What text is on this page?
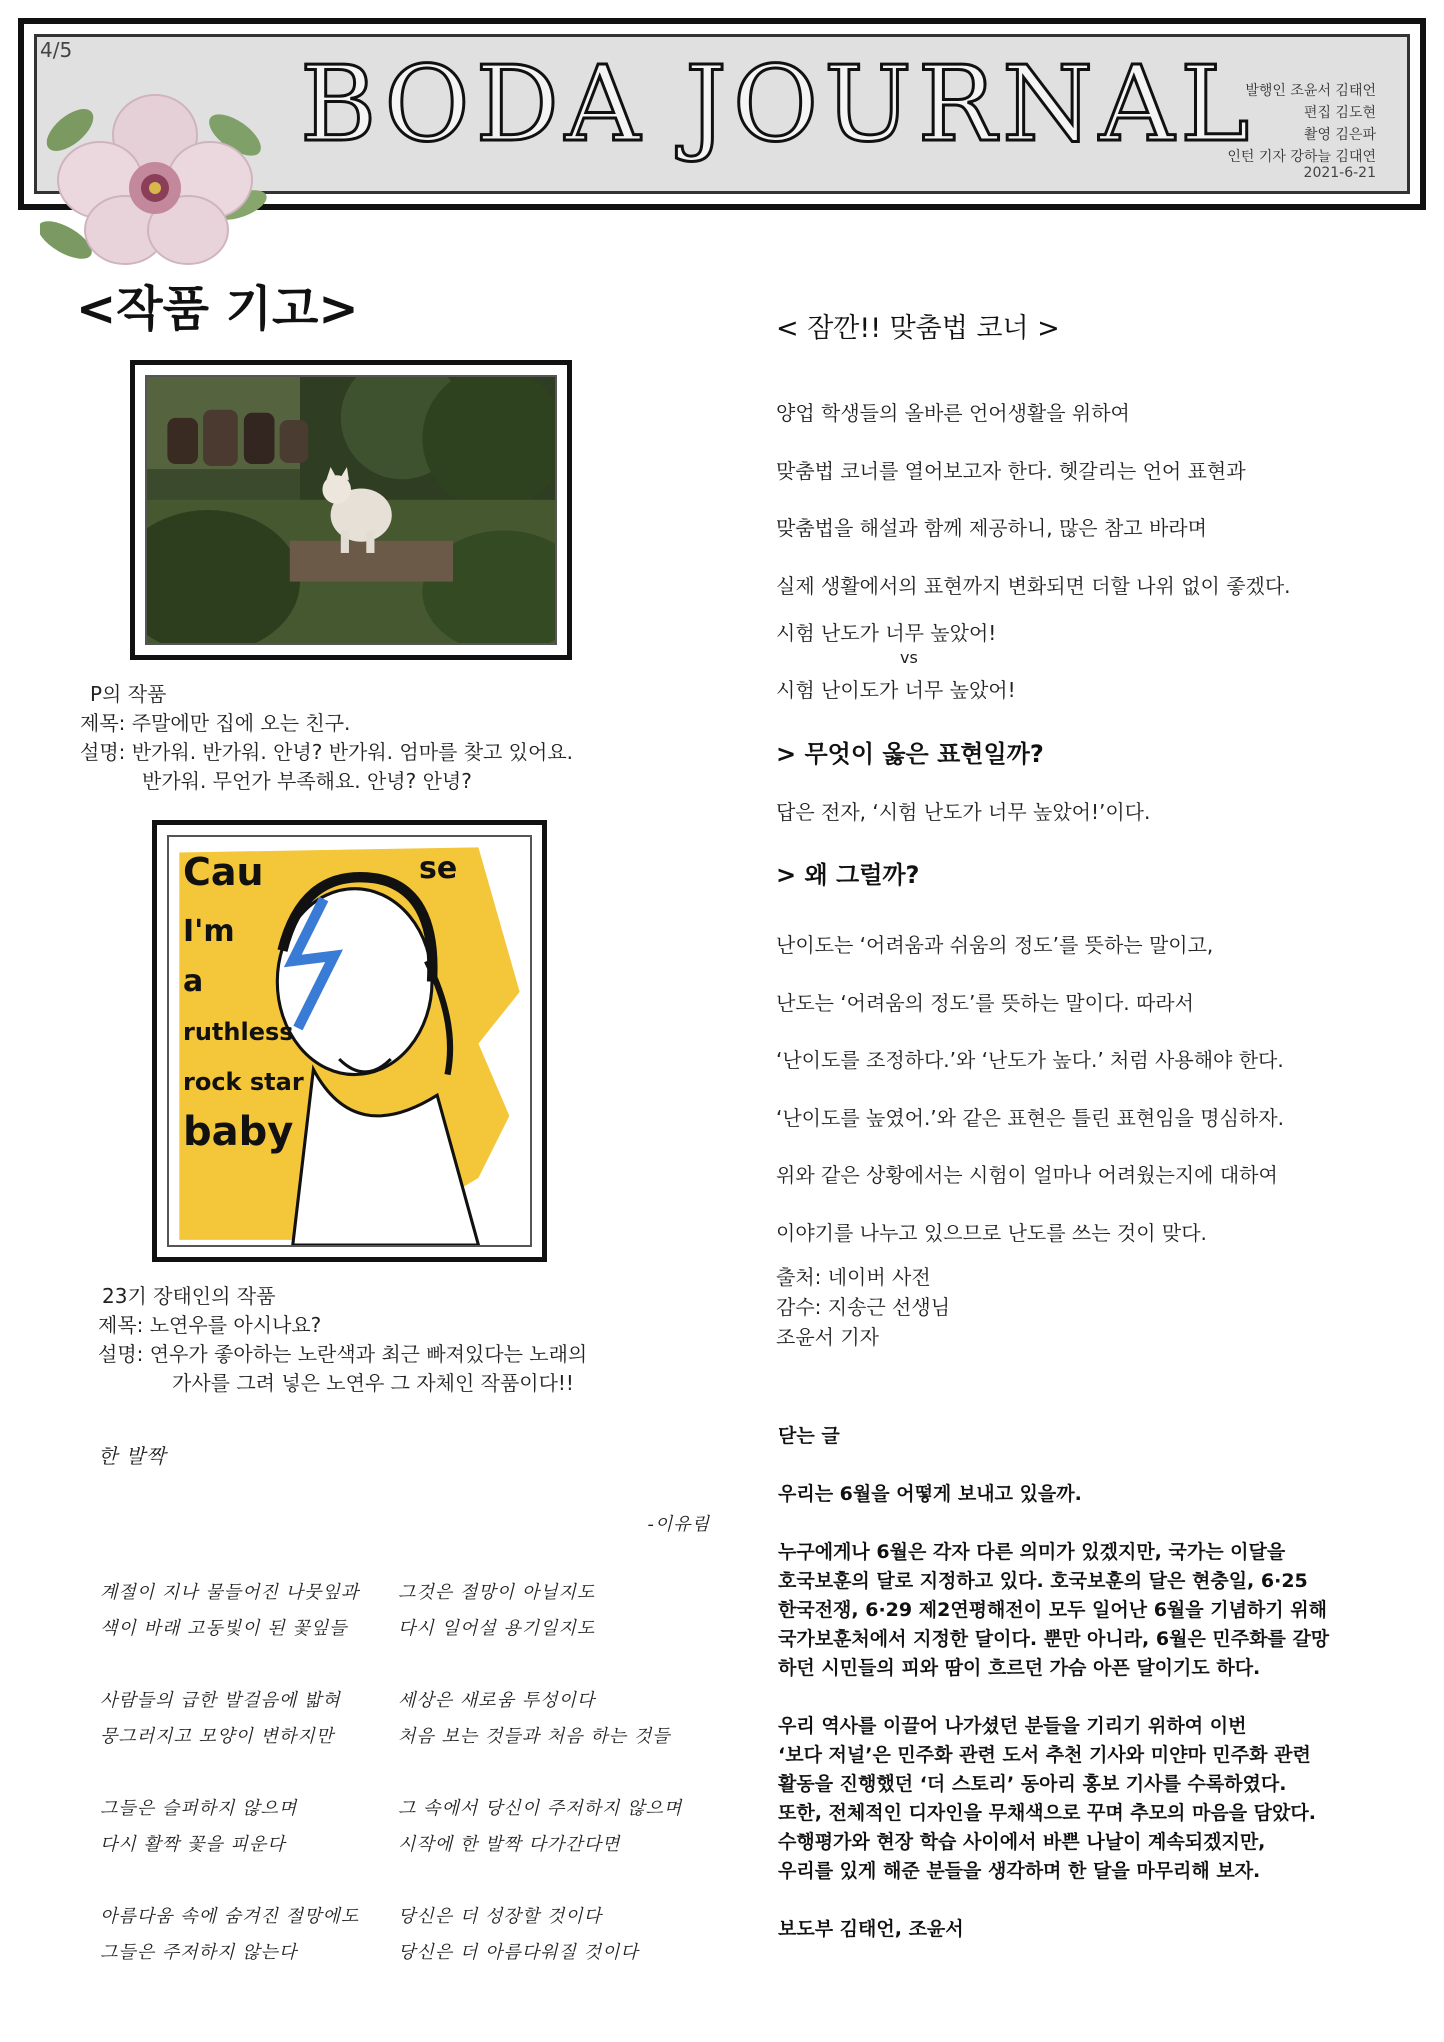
4/5 BODA JOURNAL
발행인 조윤서 김태언
편집 김도현
촬영 김은파
인턴 기자 강하늘 김대연
2021-6-21
<작품 기고>
P의 작품
제목: 주말에만 집에 오는 친구.
설명: 반가워. 반가워. 안녕? 반가워. 엄마를 찾고 있어요.
반가워. 무언가 부족해요. 안녕? 안녕?
Cau	se
I'm
a
ruthless
rock star
baby
23기 장태인의 작품
제목: 노연우를 아시나요?
설명: 연우가 좋아하는 노란색과 최근 빠져있다는 노래의
가사를 그려 넣은 노연우 그 자체인 작품이다!!
한 발짝
-이유림
계절이 지나 물들어진 나뭇잎과
색이 바래 고동빛이 된 꽃잎들

사람들의 급한 발걸음에 밟혀
뭉그러지고 모양이 변하지만

그들은 슬퍼하지 않으며
다시 활짝 꽃을 피운다

아름다움 속에 숨겨진 절망에도
그들은 주저하지 않는다
그것은 절망이 아닐지도
다시 일어설 용기일지도

세상은 새로움 투성이다
처음 보는 것들과 처음 하는 것들

그 속에서 당신이 주저하지 않으며
시작에 한 발짝 다가간다면

당신은 더 성장할 것이다
당신은 더 아름다워질 것이다
< 잠깐!! 맞춤법 코너 >
양업 학생들의 올바른 언어생활을 위하여
맞춤법 코너를 열어보고자 한다. 헷갈리는 언어 표현과
맞춤법을 해설과 함께 제공하니, 많은 참고 바라며
실제 생활에서의 표현까지 변화되면 더할 나위 없이 좋겠다.
시험 난도가 너무 높았어!
vs
시험 난이도가 너무 높았어!
> 무엇이 옳은 표현일까?
답은 전자, ‘시험 난도가 너무 높았어!’이다.
> 왜 그럴까?
난이도는 ‘어려움과 쉬움의 정도’를 뜻하는 말이고,
난도는 ‘어려움의 정도’를 뜻하는 말이다. 따라서
‘난이도를 조정하다.’와 ‘난도가 높다.’ 처럼 사용해야 한다.
‘난이도를 높였어.’와 같은 표현은 틀린 표현임을 명심하자.
위와 같은 상황에서는 시험이 얼마나 어려웠는지에 대하여
이야기를 나누고 있으므로 난도를 쓰는 것이 맞다.
출처: 네이버 사전
감수: 지송근 선생님
조윤서 기자
닫는 글
우리는 6월을 어떻게 보내고 있을까.
누구에게나 6월은 각자 다른 의미가 있겠지만, 국가는 이달을
호국보훈의 달로 지정하고 있다. 호국보훈의 달은 현충일, 6·25
한국전쟁, 6·29 제2연평해전이 모두 일어난 6월을 기념하기 위해
국가보훈처에서 지정한 달이다. 뿐만 아니라, 6월은 민주화를 갈망
하던 시민들의 피와 땀이 흐르던 가슴 아픈 달이기도 하다.
우리 역사를 이끌어 나가셨던 분들을 기리기 위하여 이번
‘보다 저널’은 민주화 관련 도서 추천 기사와 미얀마 민주화 관련
활동을 진행했던 ‘더 스토리’ 동아리 홍보 기사를 수록하였다.
또한, 전체적인 디자인을 무채색으로 꾸며 추모의 마음을 담았다.
수행평가와 현장 학습 사이에서 바쁜 나날이 계속되겠지만,
우리를 있게 해준 분들을 생각하며 한 달을 마무리해 보자.
보도부 김태언, 조윤서
